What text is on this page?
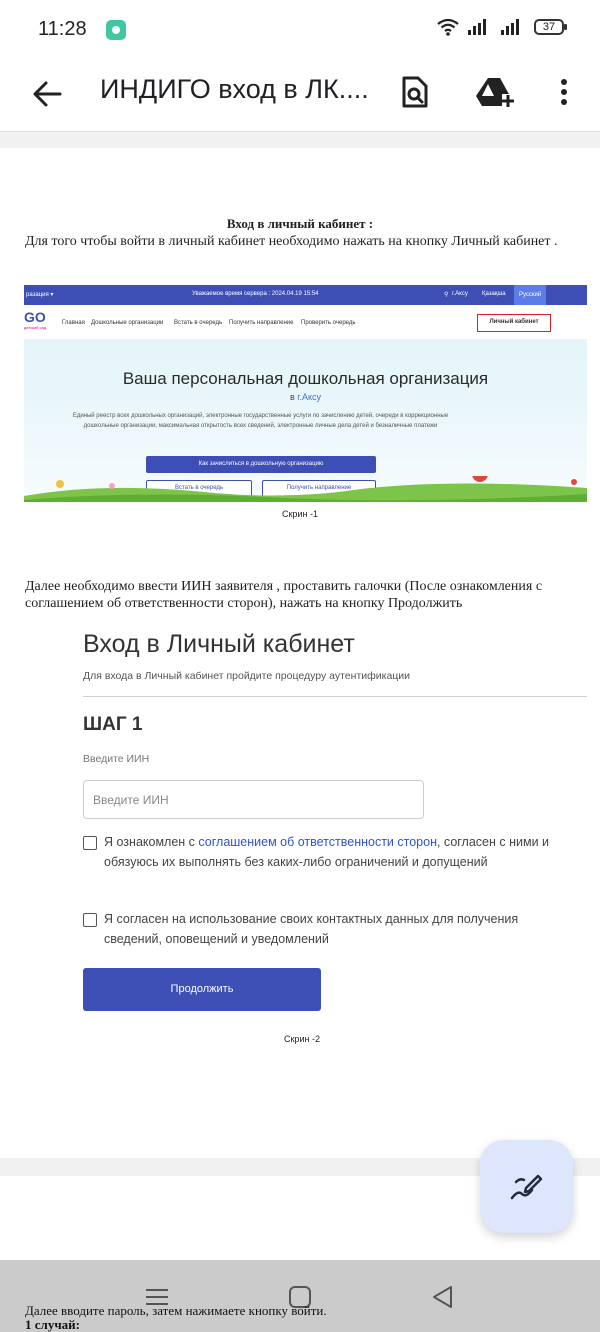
11:28	37
ИНДИГО вход в ЛК....
Вход в личный кабинет :
Для того чтобы войти в личный кабинет необходимо нажать на кнопку Личный кабинет .
разация ▾	Уважаемое время сервера : 2024.04.19 15:54	⚲ г.Аксу Қазақша	Русский
GO
детский сад
Главная Дошкольные организации Встать в очередь Получить направление Проверить очередь	Личный кабинет
Ваша персональная дошкольная организация
в г.Аксу
Единый реестр всех дошкольных организаций, электронные государственные услуги по зачислению детей, очереди в коррекционные дошкольные организации, максимальная открытость всех сведений, электронные личные дела детей и безналичные платежи
Как зачислиться в дошкольную организацию
Встать в очередь	Получить направление
Скрин -1
Далее необходимо ввести ИИН заявителя , проставить галочки (После ознакомления с
соглашением об ответственности сторон), нажать на кнопку Продолжить
Вход в Личный кабинет
Для входа в Личный кабинет пройдите процедуру аутентификации
ШАГ 1
Введите ИИН
Введите ИИН
Я ознакомлен с соглашением об ответственности сторон, согласен с ними и обязуюсь их выполнять без каких-либо ограничений и допущений
Я согласен на использование своих контактных данных для получения сведений, оповещений и уведомлений
Продолжить
Скрин -2
Далее вводите пароль, затем нажимаете кнопку войти.
1 случай:
